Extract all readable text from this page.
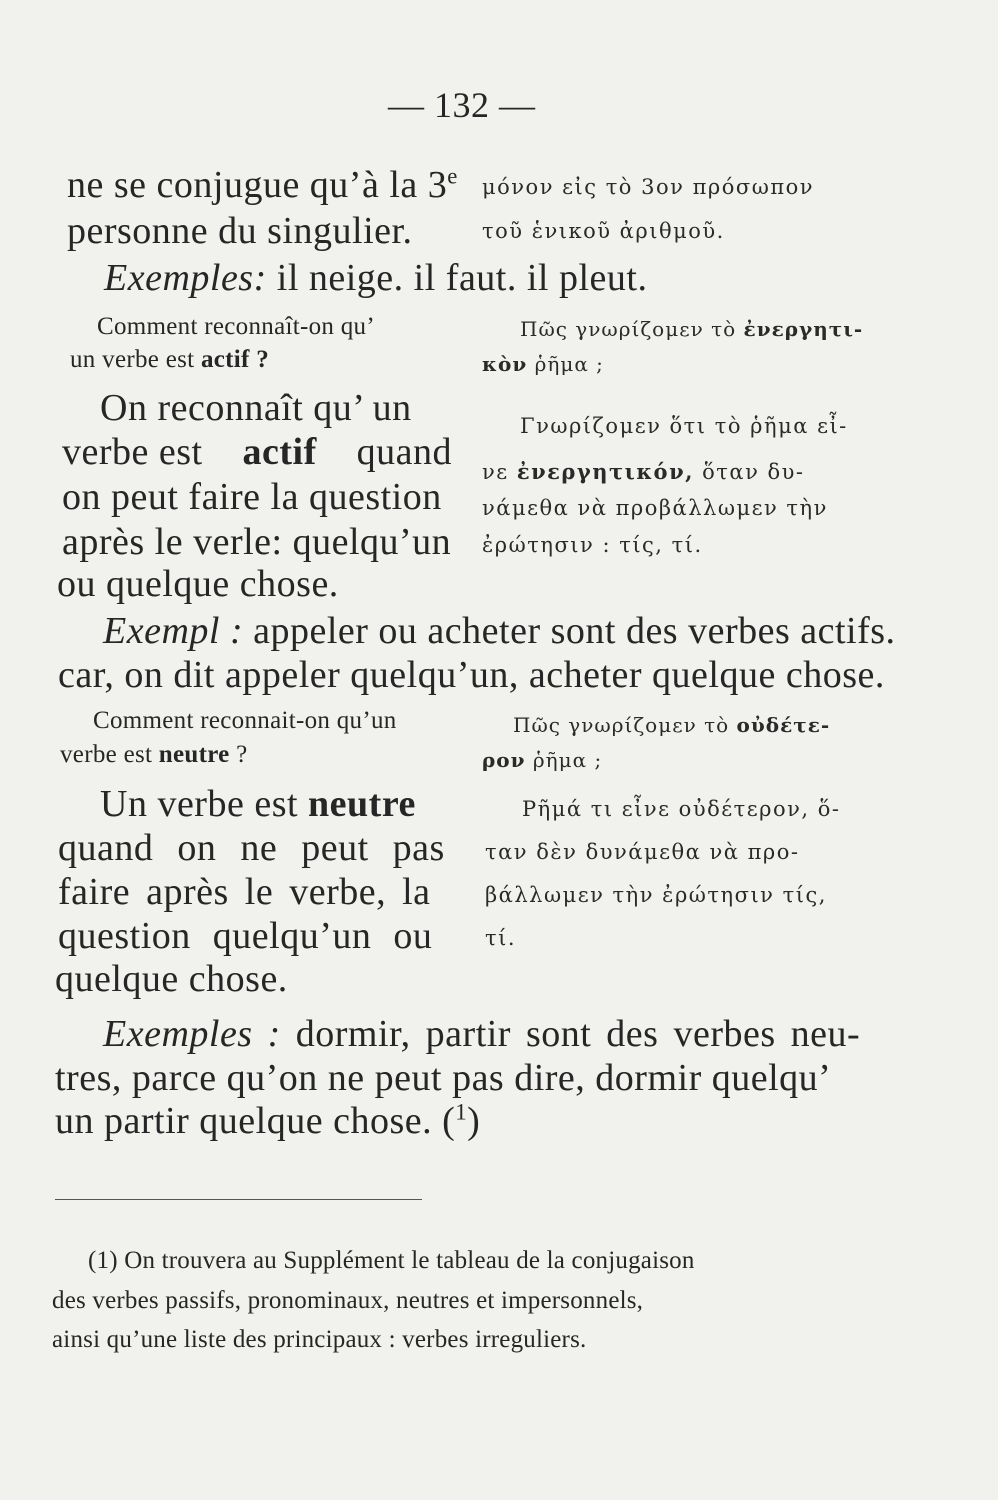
— 132 —
ne se conjugue qu’à la 3e
personne du singulier.
μόνον εἰς τὸ 3ον πρόσωπον
τοῦ ἑνικοῦ ἀριθμοῦ.
Exemples: il neige. il faut. il pleut.
Comment reconnaît-on qu’
un verbe est actif ?
Πῶς γνωρίζομεν τὸ ἐνεργητι-
κὸν ῥῆμα ;
On reconnaît qu’ un
verbe est actif quand
on peut faire la question
après le verle: quelqu’un
ou quelque chose.
Γνωρίζομεν ὅτι τὸ ῥῆμα εἶ-
νε ἐνεργητικόν, ὅταν δυ-
νάμεθα νὰ προβάλλωμεν τὴν
ἐρώτησιν : τίς, τί.
Exempl : appeler ou acheter sont des verbes actifs.
car, on dit appeler quelqu’un, acheter quelque chose.
Comment reconnait-on qu’un
verbe est neutre ?
Πῶς γνωρίζομεν τὸ οὐδέτε-
ρον ῥῆμα ;
Un verbe est neutre
quand on ne peut pas
faire après le verbe, la
question quelqu’un ou
quelque chose.
Ρῆμά τι εἶνε οὐδέτερον, ὅ-
ταν δὲν δυνάμεθα νὰ προ-
βάλλωμεν τὴν ἐρώτησιν τίς,
τί.
Exemples : dormir, partir sont des verbes neu-
tres, parce qu’on ne peut pas dire, dormir quelqu’
un partir quelque chose. ($^1$)
(1) On trouvera au Supplément le tableau de la conjugaison
des verbes passifs, pronominaux, neutres et impersonnels,
ainsi qu’une liste des principaux : verbes irreguliers.
